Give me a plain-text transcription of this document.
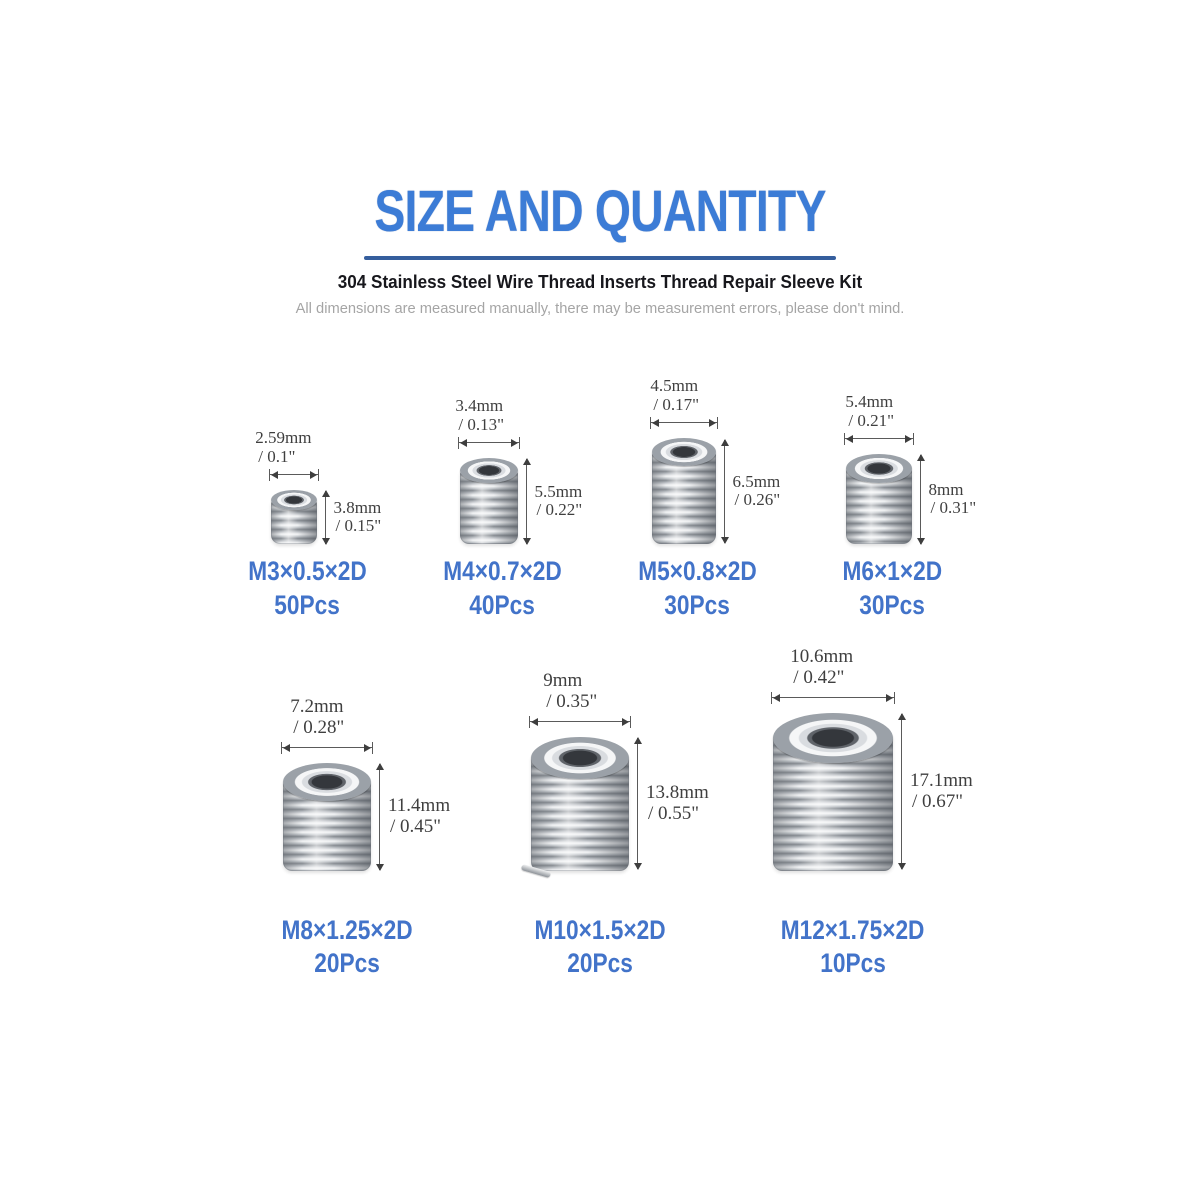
SIZE AND QUANTITY
304 Stainless Steel Wire Thread Inserts Thread Repair Sleeve Kit

All dimensions are measured manually, there may be measurement errors, please don't mind.

2.59mm
/ 0.1"
3.8mm
/ 0.15"
M3×0.5×2D
50Pcs
3.4mm
/ 0.13"
5.5mm
/ 0.22"
M4×0.7×2D
40Pcs
4.5mm
/ 0.17"
6.5mm
/ 0.26"
M5×0.8×2D
30Pcs
5.4mm
/ 0.21"
8mm
/ 0.31"
M6×1×2D
30Pcs
7.2mm
/ 0.28"
11.4mm
/ 0.45"
M8×1.25×2D
20Pcs
9mm
/ 0.35"
13.8mm
/ 0.55"
M10×1.5×2D
20Pcs
10.6mm
/ 0.42"
17.1mm
/ 0.67"
M12×1.75×2D
10Pcs
